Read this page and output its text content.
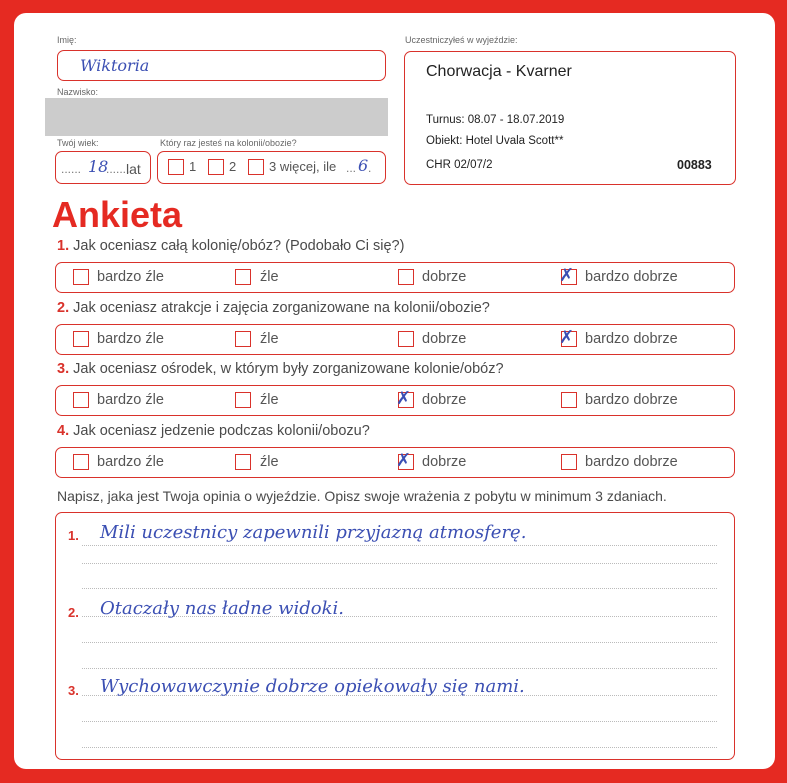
Imię:
Wiktoria
Nazwisko:
Twój wiek:
...... 18
.......
lat
Który raz jesteś na kolonii/obozie?
1	2	3 więcej, ile ... 6 .
Uczestniczyłeś w wyjeździe:
Chorwacja - Kvarner
Turnus: 08.07 - 18.07.2019
Obiekt: Hotel Uvala Scott**
CHR 02/07/2	00883
Ankieta
1. Jak oceniasz całą kolonię/obóz? (Podobało Ci się?)
bardzo źle	źle	dobrze	✗ bardzo dobrze
2. Jak oceniasz atrakcje i zajęcia zorganizowane na kolonii/obozie?
bardzo źle	źle	dobrze	✗ bardzo dobrze
3. Jak oceniasz ośrodek, w którym były zorganizowane kolonie/obóz?
bardzo źle	źle	✗ dobrze	bardzo dobrze
4. Jak oceniasz jedzenie podczas kolonii/obozu?
bardzo źle	źle	✗ dobrze	bardzo dobrze
Napisz, jaka jest Twoja opinia o wyjeździe. Opisz swoje wrażenia z pobytu w minimum 3 zdaniach.
1. Mili uczestnicy zapewnili przyjazną atmosferę.
2. Otaczały nas ładne widoki.
3. Wychowawczynie dobrze opiekowały się nami.
